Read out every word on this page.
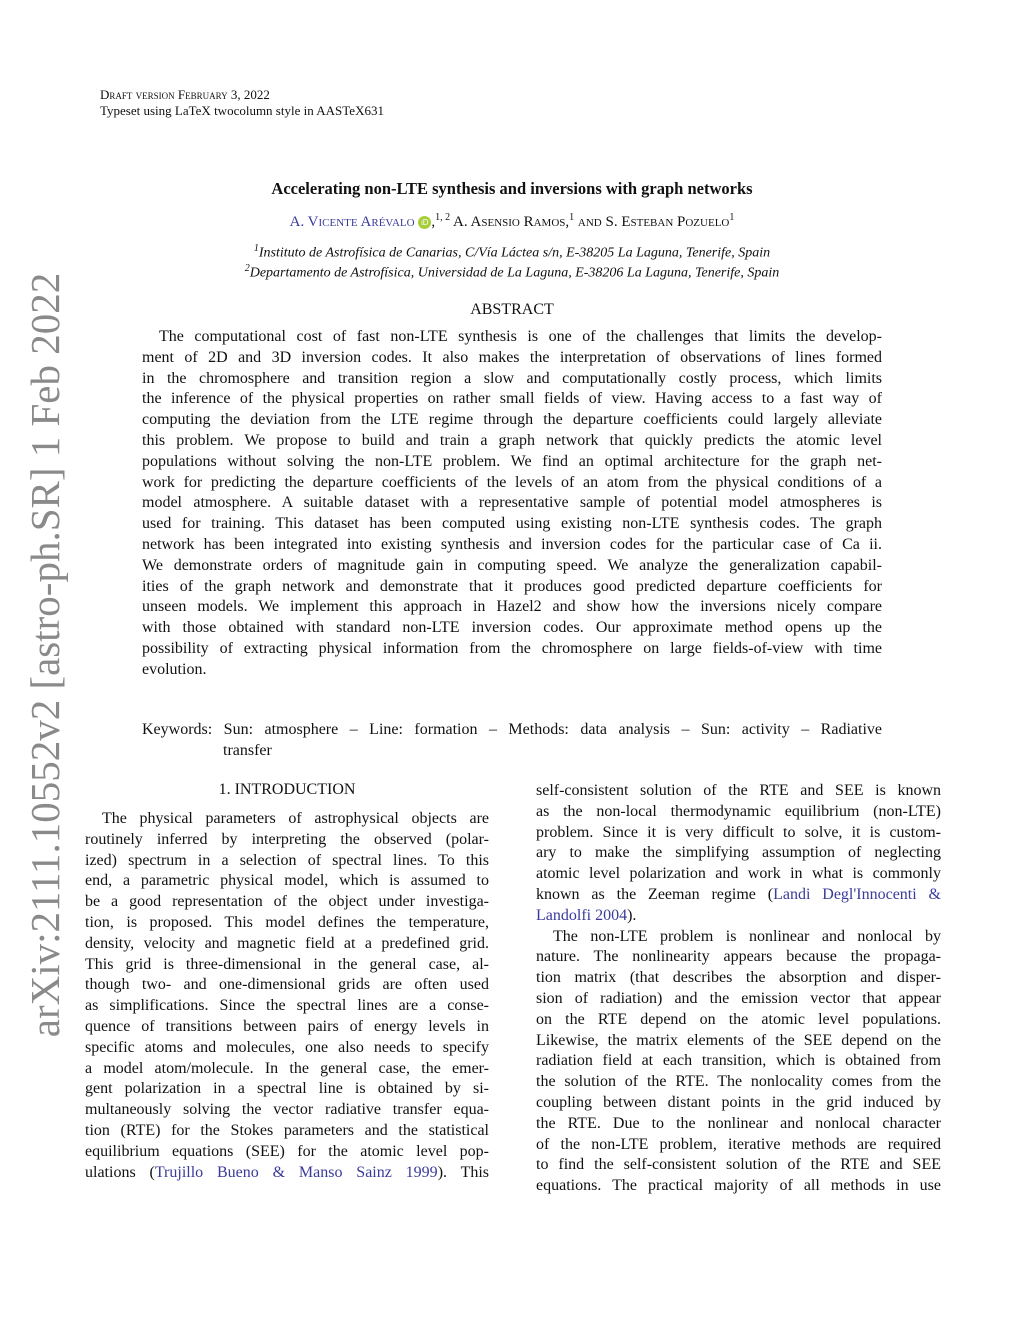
arXiv:2111.10552v2 [astro-ph.SR] 1 Feb 2022
Draft version February 3, 2022
Typeset using LaTeX twocolumn style in AASTeX631
Accelerating non-LTE synthesis and inversions with graph networks
A. Vicente Arévalo iD ,$^{1, 2}$ A. Asensio Ramos,$^1$ and S. Esteban Pozuelo$^1$
$^1$Instituto de Astrofísica de Canarias, C/Vía Láctea s/n, E-38205 La Laguna, Tenerife, Spain
$^2$Departamento de Astrofísica, Universidad de La Laguna, E-38206 La Laguna, Tenerife, Spain
ABSTRACT
The computational cost of fast non-LTE synthesis is one of the challenges that limits the develop-
ment of 2D and 3D inversion codes. It also makes the interpretation of observations of lines formed
in the chromosphere and transition region a slow and computationally costly process, which limits
the inference of the physical properties on rather small fields of view. Having access to a fast way of
computing the deviation from the LTE regime through the departure coefficients could largely alleviate
this problem. We propose to build and train a graph network that quickly predicts the atomic level
populations without solving the non-LTE problem. We find an optimal architecture for the graph net-
work for predicting the departure coefficients of the levels of an atom from the physical conditions of a
model atmosphere. A suitable dataset with a representative sample of potential model atmospheres is
used for training. This dataset has been computed using existing non-LTE synthesis codes. The graph
network has been integrated into existing synthesis and inversion codes for the particular case of Ca ii.
We demonstrate orders of magnitude gain in computing speed. We analyze the generalization capabil-
ities of the graph network and demonstrate that it produces good predicted departure coefficients for
unseen models. We implement this approach in Hazel2 and show how the inversions nicely compare
with those obtained with standard non-LTE inversion codes. Our approximate method opens up the
possibility of extracting physical information from the chromosphere on large fields-of-view with time
evolution.
Keywords: Sun: atmosphere – Line: formation – Methods: data analysis – Sun: activity – Radiative
transfer
1. INTRODUCTION
The physical parameters of astrophysical objects are
routinely inferred by interpreting the observed (polar-
ized) spectrum in a selection of spectral lines. To this
end, a parametric physical model, which is assumed to
be a good representation of the object under investiga-
tion, is proposed. This model defines the temperature,
density, velocity and magnetic field at a predefined grid.
This grid is three-dimensional in the general case, al-
though two- and one-dimensional grids are often used
as simplifications. Since the spectral lines are a conse-
quence of transitions between pairs of energy levels in
specific atoms and molecules, one also needs to specify
a model atom/molecule. In the general case, the emer-
gent polarization in a spectral line is obtained by si-
multaneously solving the vector radiative transfer equa-
tion (RTE) for the Stokes parameters and the statistical
equilibrium equations (SEE) for the atomic level pop-
ulations (Trujillo Bueno & Manso Sainz 1999). This
self-consistent solution of the RTE and SEE is known
as the non-local thermodynamic equilibrium (non-LTE)
problem. Since it is very difficult to solve, it is custom-
ary to make the simplifying assumption of neglecting
atomic level polarization and work in what is commonly
known as the Zeeman regime (Landi Degl'Innocenti &
Landolfi 2004).
The non-LTE problem is nonlinear and nonlocal by
nature. The nonlinearity appears because the propaga-
tion matrix (that describes the absorption and disper-
sion of radiation) and the emission vector that appear
on the RTE depend on the atomic level populations.
Likewise, the matrix elements of the SEE depend on the
radiation field at each transition, which is obtained from
the solution of the RTE. The nonlocality comes from the
coupling between distant points in the grid induced by
the RTE. Due to the nonlinear and nonlocal character
of the non-LTE problem, iterative methods are required
to find the self-consistent solution of the RTE and SEE
equations. The practical majority of all methods in use
